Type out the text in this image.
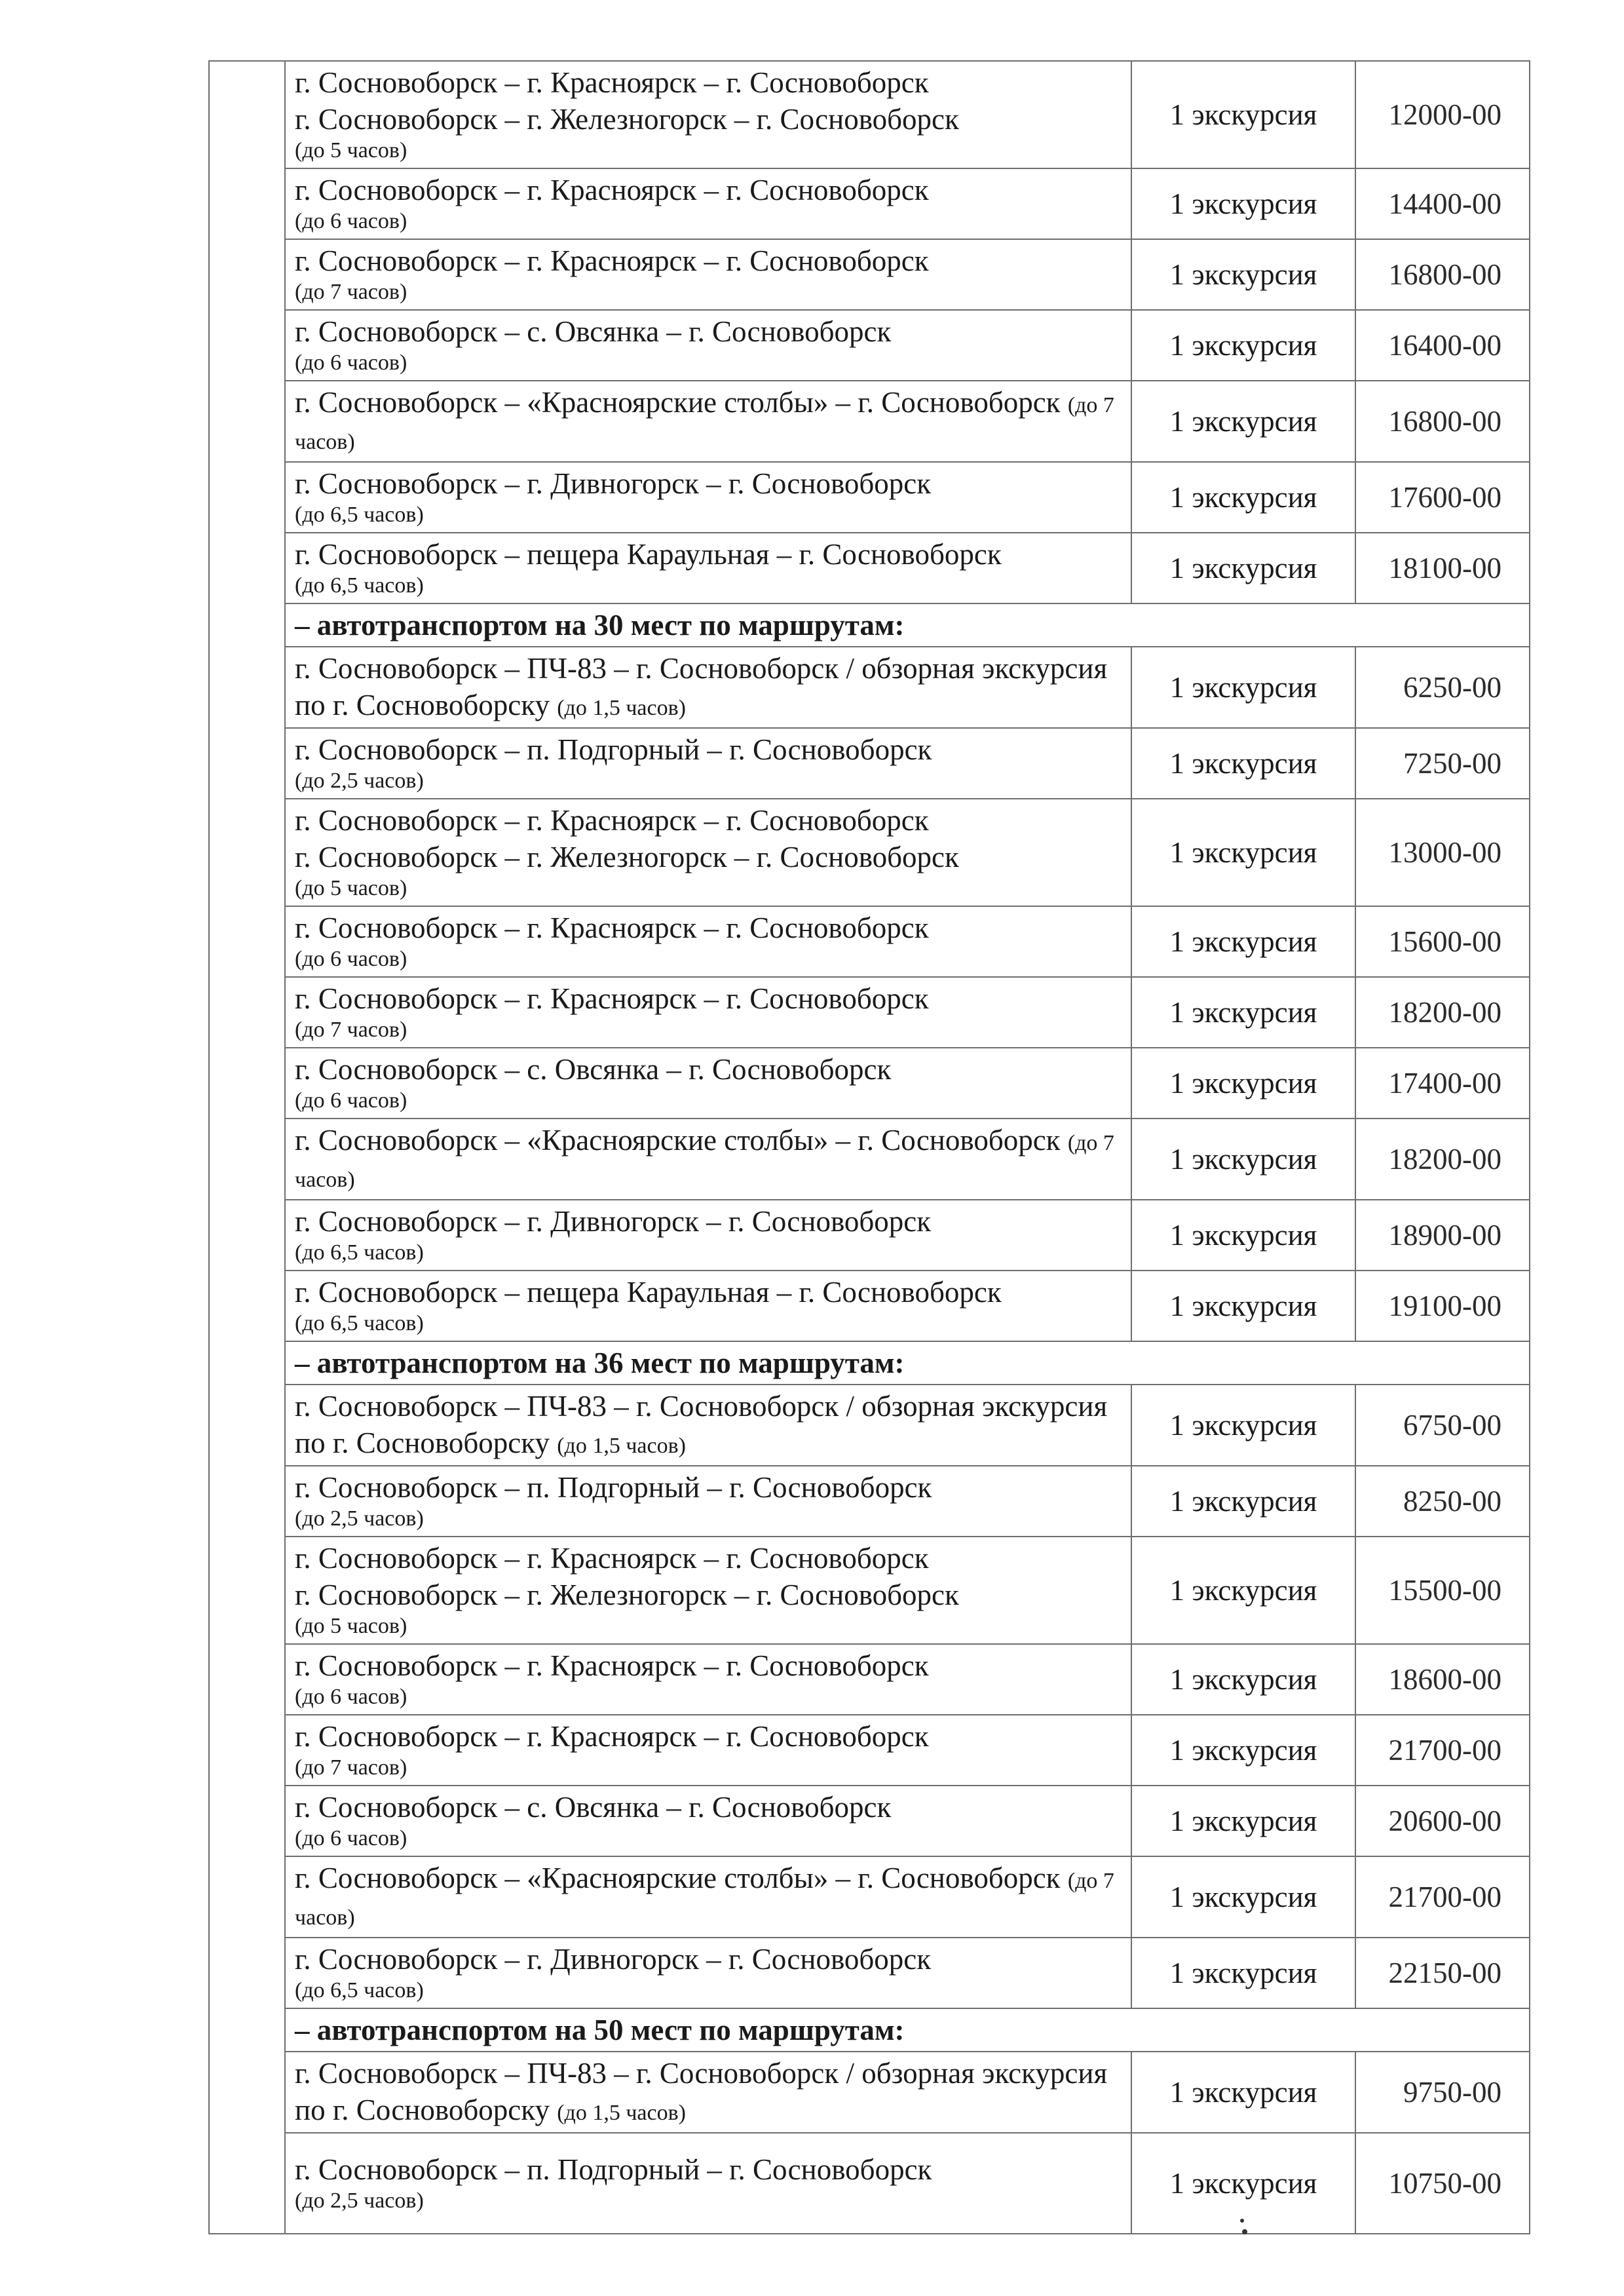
	г. Сосновоборск – г. Красноярск – г. Сосновоборск
г. Сосновоборск – г. Железногорск – г. Сосновоборск
(до 5 часов)	1 экскурсия	12000-00

	г. Сосновоборск – г. Красноярск – г. Сосновоборск
(до 6 часов)	1 экскурсия	14400-00

	г. Сосновоборск – г. Красноярск – г. Сосновоборск
(до 7 часов)	1 экскурсия	16800-00

	г. Сосновоборск – с. Овсянка – г. Сосновоборск
(до 6 часов)	1 экскурсия	16400-00

	г. Сосновоборск – «Красноярские столбы» – г. Сосновоборск (до 7 часов)	1 экскурсия	16800-00

	г. Сосновоборск – г. Дивногорск – г. Сосновоборск
(до 6,5 часов)	1 экскурсия	17600-00

	г. Сосновоборск – пещера Караульная – г. Сосновоборск
(до 6,5 часов)	1 экскурсия	18100-00
	– автотранспортом на 30 мест по маршрутам:		

	г. Сосновоборск – ПЧ-83 – г. Сосновоборск / обзорная экскурсия по г. Сосновоборску (до 1,5 часов)	1 экскурсия	6250-00

	г. Сосновоборск – п. Подгорный – г. Сосновоборск
(до 2,5 часов)	1 экскурсия	7250-00

	г. Сосновоборск – г. Красноярск – г. Сосновоборск
г. Сосновоборск – г. Железногорск – г. Сосновоборск
(до 5 часов)	1 экскурсия	13000-00

	г. Сосновоборск – г. Красноярск – г. Сосновоборск
(до 6 часов)	1 экскурсия	15600-00

	г. Сосновоборск – г. Красноярск – г. Сосновоборск
(до 7 часов)	1 экскурсия	18200-00

	г. Сосновоборск – с. Овсянка – г. Сосновоборск
(до 6 часов)	1 экскурсия	17400-00

	г. Сосновоборск – «Красноярские столбы» – г. Сосновоборск (до 7 часов)	1 экскурсия	18200-00

	г. Сосновоборск – г. Дивногорск – г. Сосновоборск
(до 6,5 часов)	1 экскурсия	18900-00

	г. Сосновоборск – пещера Караульная – г. Сосновоборск
(до 6,5 часов)	1 экскурсия	19100-00
	– автотранспортом на 36 мест по маршрутам:		

	г. Сосновоборск – ПЧ-83 – г. Сосновоборск / обзорная экскурсия по г. Сосновоборску (до 1,5 часов)	1 экскурсия	6750-00

	г. Сосновоборск – п. Подгорный – г. Сосновоборск
(до 2,5 часов)	1 экскурсия	8250-00

	г. Сосновоборск – г. Красноярск – г. Сосновоборск
г. Сосновоборск – г. Железногорск – г. Сосновоборск
(до 5 часов)	1 экскурсия	15500-00

	г. Сосновоборск – г. Красноярск – г. Сосновоборск
(до 6 часов)	1 экскурсия	18600-00

	г. Сосновоборск – г. Красноярск – г. Сосновоборск
(до 7 часов)	1 экскурсия	21700-00

	г. Сосновоборск – с. Овсянка – г. Сосновоборск
(до 6 часов)	1 экскурсия	20600-00

	г. Сосновоборск – «Красноярские столбы» – г. Сосновоборск (до 7 часов)	1 экскурсия	21700-00

	г. Сосновоборск – г. Дивногорск – г. Сосновоборск
(до 6,5 часов)	1 экскурсия	22150-00
	– автотранспортом на 50 мест по маршрутам:		

	г. Сосновоборск – ПЧ-83 – г. Сосновоборск / обзорная экскурсия по г. Сосновоборску (до 1,5 часов)	1 экскурсия	9750-00

	г. Сосновоборск – п. Подгорный – г. Сосновоборск
(до 2,5 часов)	1 экскурсия	10750-00
